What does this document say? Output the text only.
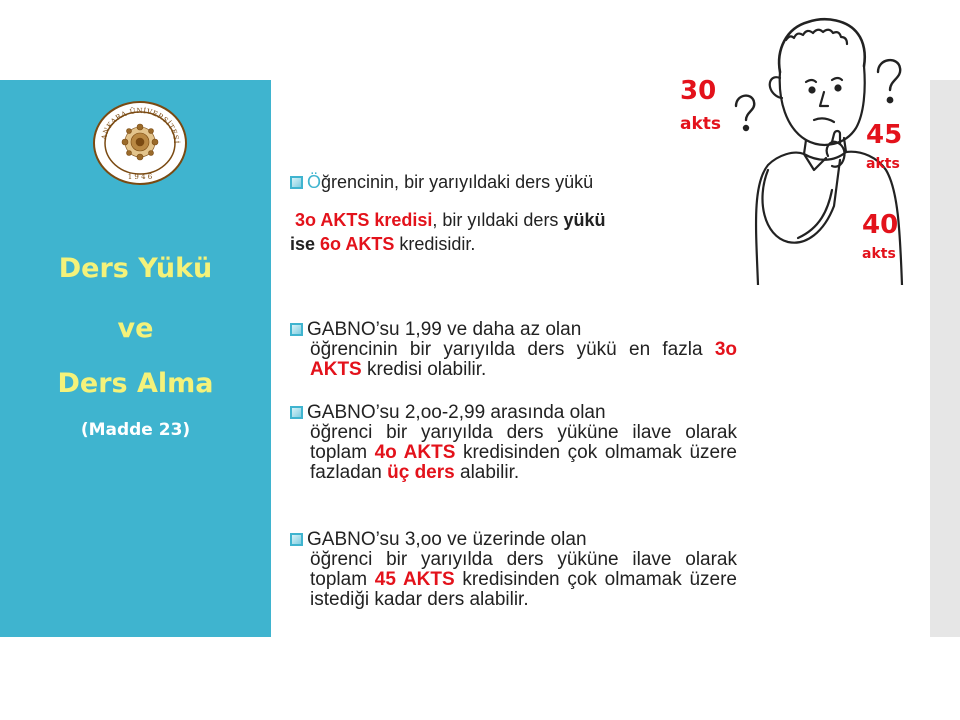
ANKARA ÜNİVERSİTESİ
1 9 4 6
Ders Yükü
ve
Ders Alma
(Madde 23)
Öğrencinin, bir yarıyıldaki ders yükü
3o AKTS kredisi, bir yıldaki ders yükü
ise 6o AKTS kredisidir.
GABNO’su 1,99 ve daha az olan
öğrencinin bir yarıyılda ders yükü en fazla 3o AKTS kredisi olabilir.
GABNO’su 2,oo-2,99 arasında olan
öğrenci bir yarıyılda ders yüküne ilave olarak toplam 4o AKTS kredisinden çok olmamak üzere fazladan üç ders alabilir.
GABNO’su 3,oo ve üzerinde olan
öğrenci bir yarıyılda ders yüküne ilave olarak toplam 45 AKTS kredisinden çok olmamak üzere istediği kadar ders alabilir.
30
akts	45
akts
40
akts
